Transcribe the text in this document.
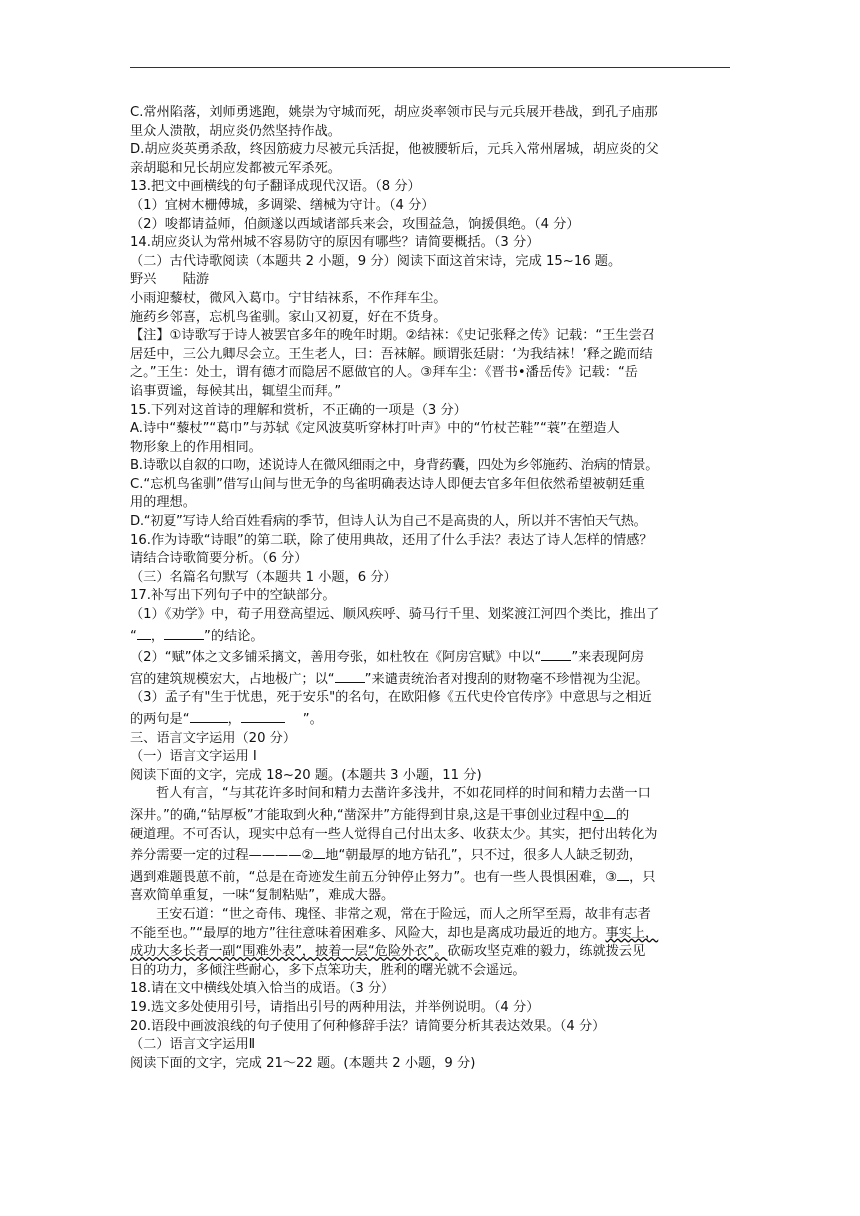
C.常州陷落，刘师勇逃跑，姚崇为守城而死，胡应炎率领市民与元兵展开巷战，到孔子庙那

里众人溃散，胡应炎仍然坚持作战。

D.胡应炎英勇杀敌，终因筋疲力尽被元兵活捉，他被腰斩后，元兵入常州屠城，胡应炎的父

亲胡聪和兄长胡应发都被元军杀死。

13.把文中画横线的句子翻译成现代汉语。（8 分）

（1）宜树木栅傅城，多调梁、缮械为守计。（4 分）

（2）唆都请益师，伯颜遂以西域诸部兵来会，攻围益急，饷援俱绝。（4 分）

14.胡应炎认为常州城不容易防守的原因有哪些？请简要概括。（3 分）

（二）古代诗歌阅读（本题共 2 小题，9 分）阅读下面这首宋诗，完成 15~16 题。

野兴　　陆游

小雨迎藜杖，微风入葛巾。宁甘结袜系，不作拜车尘。

施药乡邻喜，忘机鸟雀驯。家山又初夏，好在不货身。

【注】①诗歌写于诗人被罢官多年的晚年时期。②结袜：《史记张释之传》记载：“王生尝召

居廷中，三公九卿尽会立。王生老人，曰：吾袜解。顾谓张廷尉：‘为我结袜！’释之跪而结

之。”王生：处士，谓有德才而隐居不愿做官的人。③拜车尘：《晋书•潘岳传》记载：“岳

谄事贾谧，每候其出，辄望尘而拜。”

15.下列对这首诗的理解和赏析，不正确的一项是（3 分）

A.诗中“藜杖”“葛巾”与苏轼《定风波莫听穿林打叶声》中的“竹杖芒鞋”“蓑”在塑造人

物形象上的作用相同。

B.诗歌以自叙的口吻，述说诗人在微风细雨之中，身背药囊，四处为乡邻施药、治病的情景。

C.“忘机鸟雀驯”借写山间与世无争的鸟雀明确表达诗人即便去官多年但依然希望被朝廷重

用的理想。

D.“初夏”写诗人给百姓看病的季节，但诗人认为自己不是高贵的人，所以并不害怕天气热。

16.作为诗歌“诗眼”的第二联，除了使用典故，还用了什么手法？表达了诗人怎样的情感？

请结合诗歌简要分析。（6 分）

（三）名篇名句默写（本题共 1 小题，6 分）

17.补写出下列句子中的空缺部分。

（1）《劝学》中，荀子用登高望远、顺风疾呼、骑马行千里、划桨渡江河四个类比，推出了

“ ，	”的结论。

（2）“赋”体之文多铺采摛文，善用夸张，如杜牧在《阿房宫赋》中以“ ”来表现阿房

宫的建筑规模宏大，占地极广；以“ ”来谴责统治者对搜刮的财物毫不珍惜视为尘泥。

（3）孟子有"生于忧患，死于安乐"的名句，在欧阳修《五代史伶官传序》中意思与之相近

的两句是“	，	”。

三、语言文字运用（20 分）

（一）语言文字运用 I

阅读下面的文字，完成 18~20 题。(本题共 3 小题，11 分)

哲人有言，“与其花许多时间和精力去凿许多浅井，不如花同样的时间和精力去凿一口

深井。”的确,“钻厚板”才能取到火种,“凿深井”方能得到甘泉,这是干事创业过程中① 的

硬道理。不可否认，现实中总有一些人觉得自己付出太多、收获太少。其实，把付出转化为

养分需要一定的过程————② 地“朝最厚的地方钻孔”，只不过，很多人人缺乏韧劲，

遇到难题畏葸不前，“总是在奇迹发生前五分钟停止努力”。也有一些人畏惧困难，③ ，只

喜欢简单重复，一味“复制粘贴”，难成大器。

王安石道：“世之奇伟、瑰怪、非常之观，常在于险远，而人之所罕至焉，故非有志者

不能至也。”“最厚的地方”往往意味着困难多、风险大，却也是离成功最近的地方。事实上，

成功大多长者一副“围难外表”，披着一层“危险外衣”。砍砺攻坚克难的毅力，练就拨云见

日的功力，多倾注些耐心，多下点笨功夫，胜利的曙光就不会遥远。

18.请在文中横线处填入恰当的成语。（3 分）

19.选文多处使用引号，请指出引号的两种用法，并举例说明。（4 分）

20.语段中画波浪线的句子使用了何种修辞手法？请简要分析其表达效果。（4 分）

（二）语言文字运用Ⅱ

阅读下面的文字，完成 21～22 题。(本题共 2 小题，9 分)
